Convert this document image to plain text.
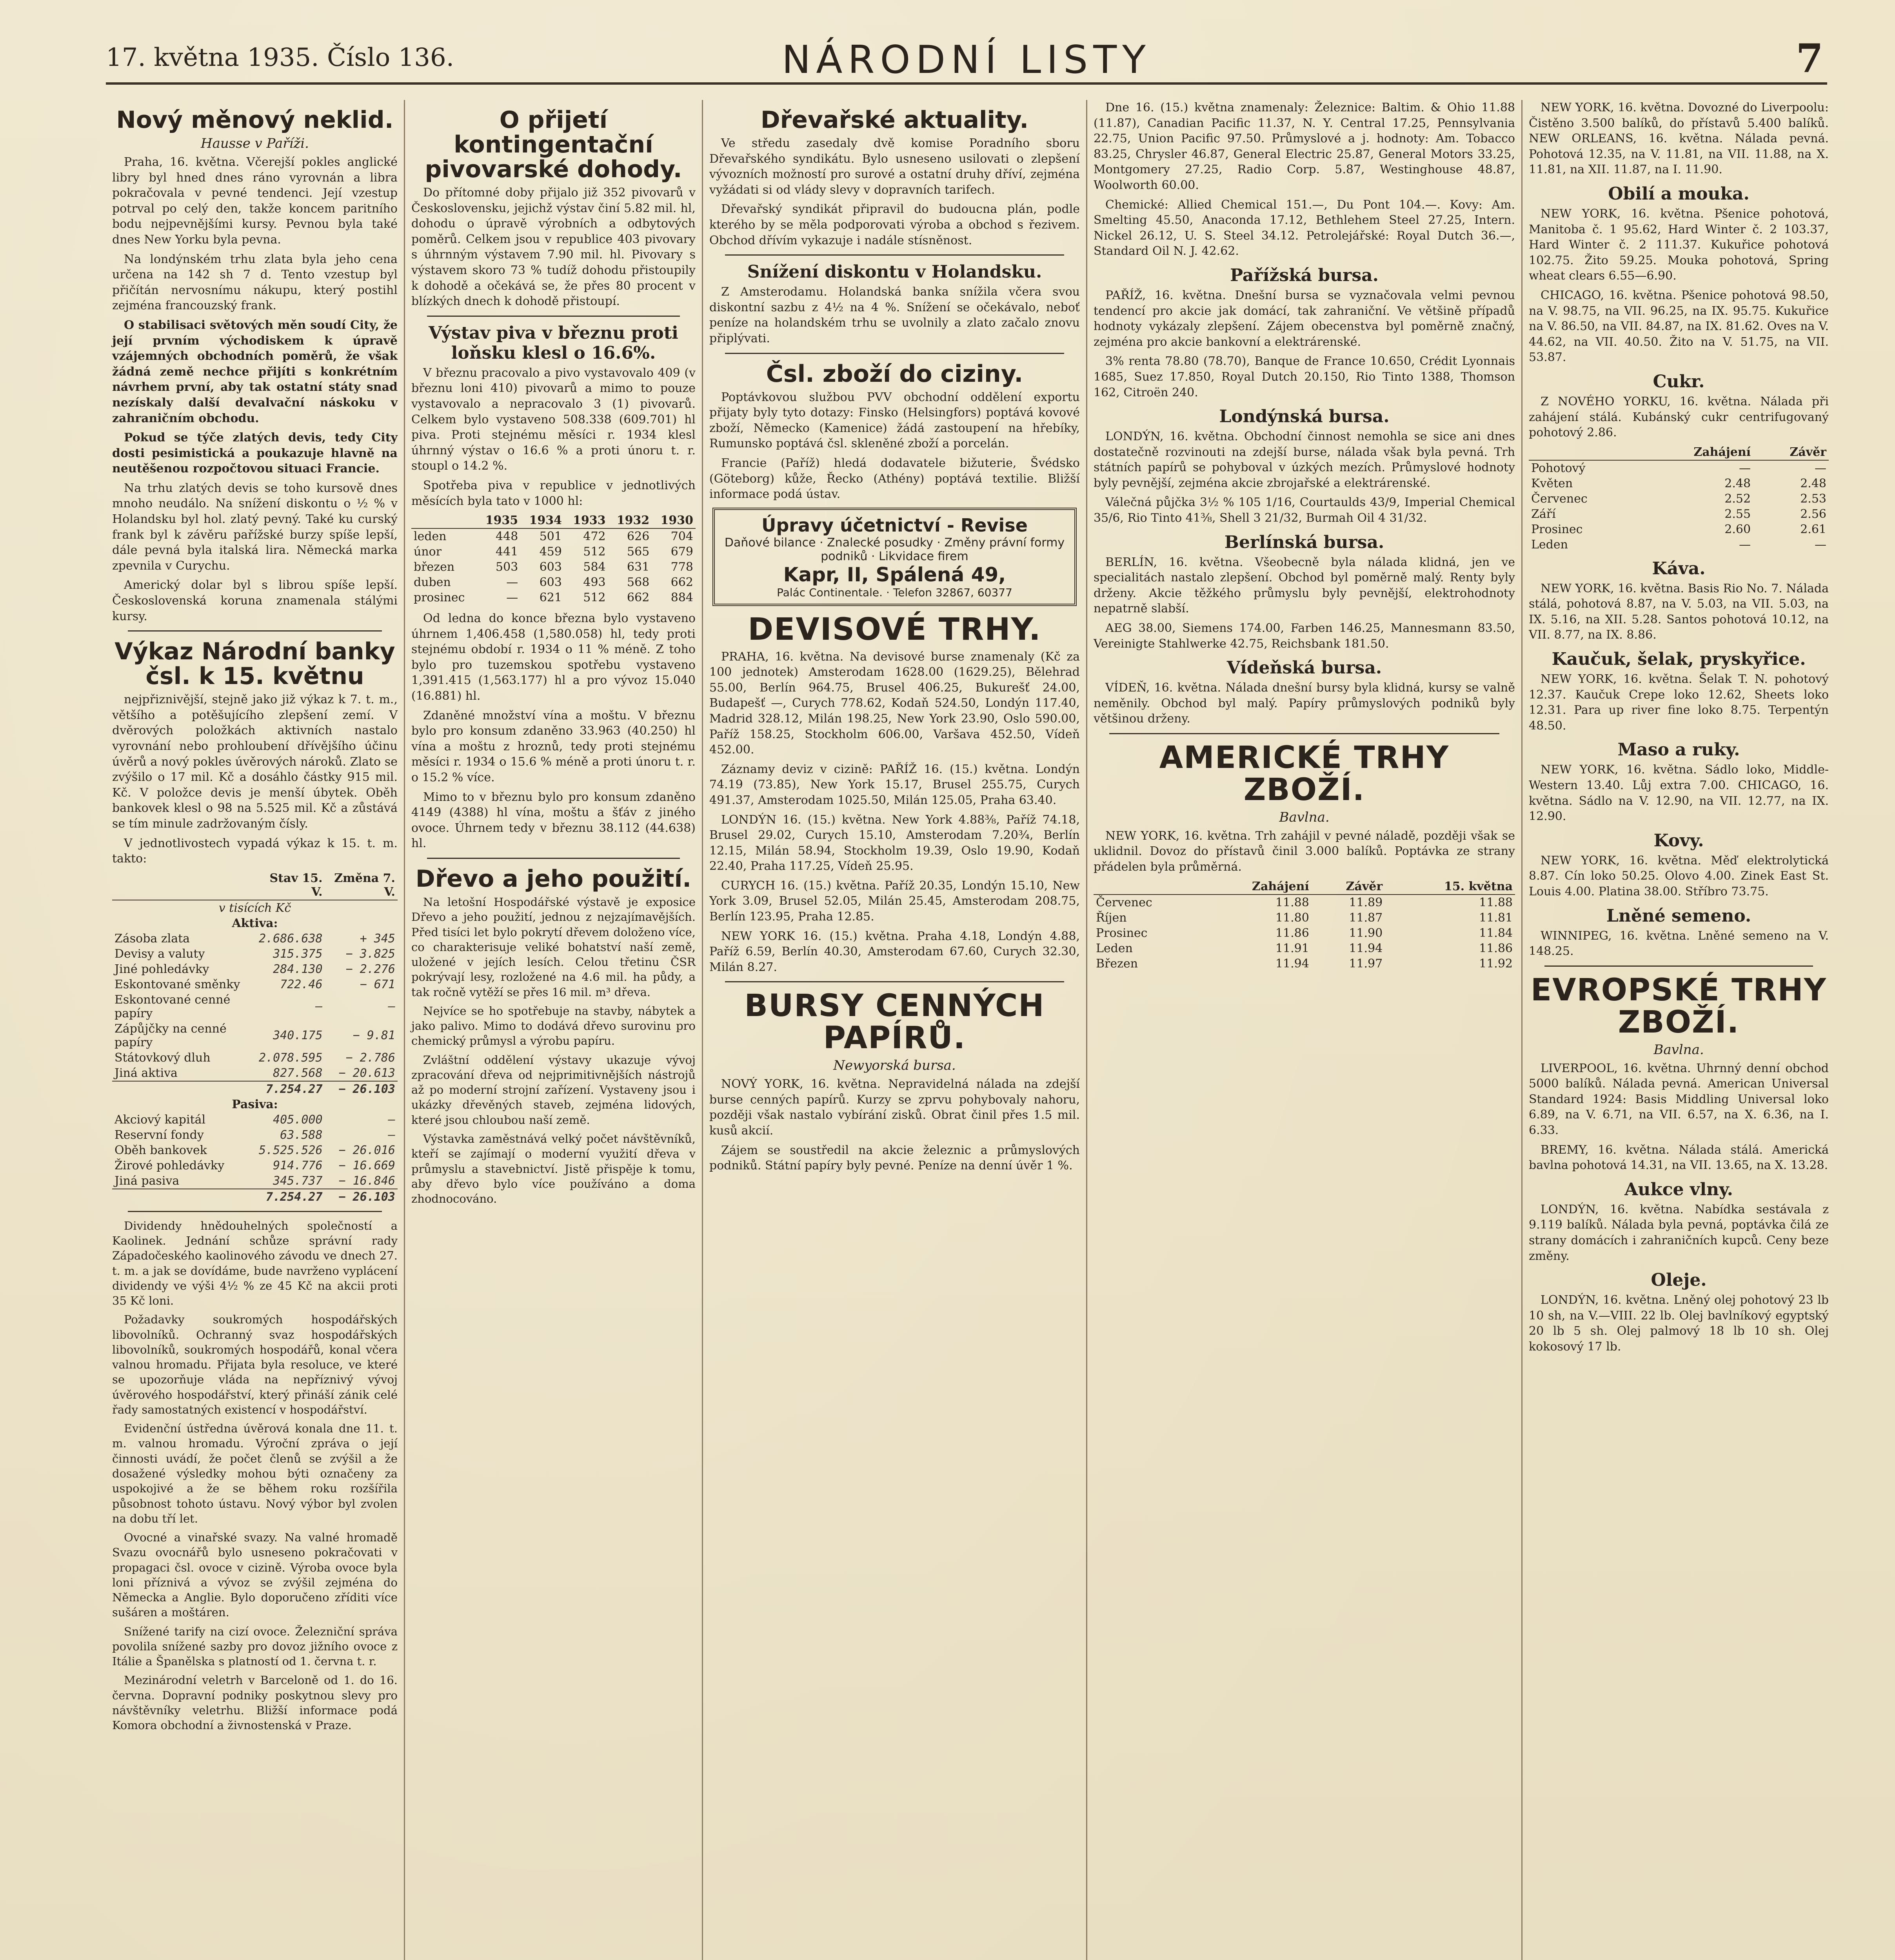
17. května 1935. Číslo 136.	NÁRODNÍ LISTY	7
Nový měnový neklid.
Hausse v Paříži.

Praha, 16. května. Včerejší pokles anglické libry byl hned dnes ráno vyrovnán a libra pokračovala v pevné tendenci. Její vzestup potrval po celý den, takže koncem paritního bodu nejpevnějšími kursy. Pevnou byla také dnes New Yorku byla pevna.

Na londýnském trhu zlata byla jeho cena určena na 142 sh 7 d. Tento vzestup byl přičítán nervosnímu nákupu, který postihl zejména francouzský frank.

O stabilisaci světových měn soudí City, že její prvním východiskem k úpravě vzájemných obchodních poměrů, že však žádná země nechce přijíti s konkrétním návrhem první, aby tak ostatní státy snad nezískaly další devalvační náskoku v zahraničním obchodu.

Pokud se týče zlatých devis, tedy City dosti pesimistická a poukazuje hlavně na neutěšenou rozpočtovou situaci Francie.

Na trhu zlatých devis se toho kursově dnes mnoho neudálo. Na snížení diskontu o ½ % v Holandsku byl hol. zlatý pevný. Také ku curský frank byl k závěru pařížské burzy spíše lepší, dále pevná byla italská lira. Německá marka zpevnila v Curychu.

Americký dolar byl s librou spíše lepší. Československá koruna znamenala stálými kursy.

Výkaz Národní banky čsl. k 15. květnu

nejpřiznivější, stejně jako již výkaz k 7. t. m., většího a potěšujícího zlepšení zemí. V dvěrových položkách aktivních nastalo vyrovnání nebo prohloubení dřívějšího účinu úvěrů a nový pokles úvěrových nároků. Zlato se zvýšilo o 17 mil. Kč a dosáhlo částky 915 mil. Kč. V položce devis je menší úbytek. Oběh bankovek klesl o 98 na 5.525 mil. Kč a zůstává se tím minule zadržovaným čísly.

V jednotlivostech vypadá výkaz k 15. t. m. takto:

	Stav 15. V.	Změna 7. V.
v tisících Kč		
Aktiva:		
Zásoba zlata	2.686.638	+ 345
Devisy a valuty	315.375	− 3.825
Jiné pohledávky	284.130	− 2.276
Eskontované směnky	722.46	− 671
Eskontované cenné papíry	—	—
Zápůjčky na cenné papíry	340.175	− 9.81
Státovkový dluh	2.078.595	− 2.786
Jiná aktiva	827.568	− 20.613
	7.254.27	− 26.103
Pasiva:		
Akciový kapitál	405.000	—
Reservní fondy	63.588	—
Oběh bankovek	5.525.526	− 26.016
Žirové pohledávky	914.776	− 16.669
Jiná pasiva	345.737	− 16.846
	7.254.27	− 26.103

Dividendy hnědouhelných společností a Kaolinek. Jednání schůze správní rady Západočeského kaolinového závodu ve dnech 27. t. m. a jak se dovídáme, bude navrženo vyplácení dividendy ve výši 4½ % ze 45 Kč na akcii proti 35 Kč loni.

Požadavky soukromých hospodářských libovolníků. Ochranný svaz hospodářských libovolníků, soukromých hospodářů, konal včera valnou hromadu. Přijata byla resoluce, ve které se upozorňuje vláda na nepříznivý vývoj úvěrového hospodářství, který přináší zánik celé řady samostatných existencí v hospodářství.

Evidenční ústředna úvěrová konala dne 11. t. m. valnou hromadu. Výroční zpráva o její činnosti uvádí, že počet členů se zvýšil a že dosažené výsledky mohou býti označeny za uspokojivé a že se během roku rozšířila působnost tohoto ústavu. Nový výbor byl zvolen na dobu tří let.

Ovocné a vinařské svazy. Na valné hromadě Svazu ovocnářů bylo usneseno pokračovati v propagaci čsl. ovoce v cizině. Výroba ovoce byla loni příznivá a vývoz se zvýšil zejména do Německa a Anglie. Bylo doporučeno zříditi více sušáren a moštáren.

Snížené tarify na cizí ovoce. Železniční správa povolila snížené sazby pro dovoz jižního ovoce z Itálie a Španělska s platností od 1. června t. r.

Mezinárodní veletrh v Barceloně od 1. do 16. června. Dopravní podniky poskytnou slevy pro návštěvníky veletrhu. Bližší informace podá Komora obchodní a živnostenská v Praze.

O přijetí kontingentační pivovarské dohody.

Do přítomné doby přijalo již 352 pivovarů v Československu, jejichž výstav činí 5.82 mil. hl, dohodu o úpravě výrobních a odbytových poměrů. Celkem jsou v republice 403 pivovary s úhrnným výstavem 7.90 mil. hl. Pivovary s výstavem skoro 73 % tudíž dohodu přistoupily k dohodě a očekává se, že přes 80 procent v blízkých dnech k dohodě přistoupí.

Výstav piva v březnu proti loňsku klesl o 16.6%.

V březnu pracovalo a pivo vystavovalo 409 (v březnu loni 410) pivovarů a mimo to pouze vystavovalo a nepracovalo 3 (1) pivovarů. Celkem bylo vystaveno 508.338 (609.701) hl piva. Proti stejnému měsíci r. 1934 klesl úhrnný výstav o 16.6 % a proti únoru t. r. stoupl o 14.2 %.

Spotřeba piva v republice v jednotlivých měsících byla tato v 1000 hl:

	1935	1934	1933	1932	1930
leden	448	501	472	626	704
únor	441	459	512	565	679
březen	503	603	584	631	778
duben	—	603	493	568	662
prosinec	—	621	512	662	884

Od ledna do konce března bylo vystaveno úhrnem 1,406.458 (1,580.058) hl, tedy proti stejnému období r. 1934 o 11 % méně. Z toho bylo pro tuzemskou spotřebu vystaveno 1,391.415 (1,563.177) hl a pro vývoz 15.040 (16.881) hl.

Zdaněné množství vína a moštu. V březnu bylo pro konsum zdaněno 33.963 (40.250) hl vína a moštu z hroznů, tedy proti stejnému měsíci r. 1934 o 15.6 % méně a proti únoru t. r. o 15.2 % více.

Mimo to v březnu bylo pro konsum zdaněno 4149 (4388) hl vína, moštu a šťáv z jiného ovoce. Úhrnem tedy v březnu 38.112 (44.638) hl.

Dřevo a jeho použití.

Na letošní Hospodářské výstavě je exposice Dřevo a jeho použití, jednou z nejzajímavějších. Před tisíci let bylo pokrytí dřevem doloženo více, co charakterisuje veliké bohatství naší země, uložené v jejích lesích. Celou třetinu ČSR pokrývají lesy, rozložené na 4.6 mil. ha půdy, a tak ročně vytěží se přes 16 mil. m³ dřeva.

Nejvíce se ho spotřebuje na stavby, nábytek a jako palivo. Mimo to dodává dřevo surovinu pro chemický průmysl a výrobu papíru.

Zvláštní oddělení výstavy ukazuje vývoj zpracování dřeva od nejprimitivnějších nástrojů až po moderní strojní zařízení. Vystaveny jsou i ukázky dřevěných staveb, zejména lidových, které jsou chloubou naší země.

Výstavka zaměstnává velký počet návštěvníků, kteří se zajímají o moderní využití dřeva v průmyslu a stavebnictví. Jistě přispěje k tomu, aby dřevo bylo více používáno a doma zhodnocováno.

Dřevařské aktuality.

Ve středu zasedaly dvě komise Poradního sboru Dřevařského syndikátu. Bylo usneseno usilovati o zlepšení vývozních možností pro surové a ostatní druhy dříví, zejména vyžádati si od vlády slevy v dopravních tarifech.

Dřevařský syndikát připravil do budoucna plán, podle kterého by se měla podporovati výroba a obchod s řezivem. Obchod dřívím vykazuje i nadále stísněnost.

Snížení diskontu v Holandsku.

Z Amsterodamu. Holandská banka snížila včera svou diskontní sazbu z 4½ na 4 %. Snížení se očekávalo, neboť peníze na holandském trhu se uvolnily a zlato začalo znovu připlývati.

Čsl. zboží do ciziny.

Poptávkovou službou PVV obchodní oddělení exportu přijaty byly tyto dotazy: Finsko (Helsingfors) poptává kovové zboží, Německo (Kamenice) žádá zastoupení na hřebíky, Rumunsko poptává čsl. skleněné zboží a porcelán.

Francie (Paříž) hledá dodavatele bižuterie, Švédsko (Göteborg) kůže, Řecko (Athény) poptává textilie. Bližší informace podá ústav.

Úpravy účetnictví - Revise
Daňové bilance · Znalecké posudky · Změny právní formy podniků · Likvidace firem
Kapr, II, Spálená 49,
Palác Continentale. · Telefon 32867, 60377
DEVISOVÉ TRHY.

PRAHA, 16. května. Na devisové burse znamenaly (Kč za 100 jednotek) Amsterodam 1628.00 (1629.25), Bělehrad 55.00, Berlín 964.75, Brusel 406.25, Bukurešť 24.00, Budapešť —, Curych 778.62, Kodaň 524.50, Londýn 117.40, Madrid 328.12, Milán 198.25, New York 23.90, Oslo 590.00, Paříž 158.25, Stockholm 606.00, Varšava 452.50, Vídeň 452.00.

Záznamy deviz v cizině: PAŘÍŽ 16. (15.) května. Londýn 74.19 (73.85), New York 15.17, Brusel 255.75, Curych 491.37, Amsterodam 1025.50, Milán 125.05, Praha 63.40.

LONDÝN 16. (15.) května. New York 4.88⅜, Paříž 74.18, Brusel 29.02, Curych 15.10, Amsterodam 7.20¾, Berlín 12.15, Milán 58.94, Stockholm 19.39, Oslo 19.90, Kodaň 22.40, Praha 117.25, Vídeň 25.95.

CURYCH 16. (15.) května. Paříž 20.35, Londýn 15.10, New York 3.09, Brusel 52.05, Milán 25.45, Amsterodam 208.75, Berlín 123.95, Praha 12.85.

NEW YORK 16. (15.) května. Praha 4.18, Londýn 4.88, Paříž 6.59, Berlín 40.30, Amsterodam 67.60, Curych 32.30, Milán 8.27.

BURSY CENNÝCH PAPÍRŮ.
Newyorská bursa.

NOVÝ YORK, 16. května. Nepravidelná nálada na zdejší burse cenných papírů. Kurzy se zprvu pohybovaly nahoru, později však nastalo vybírání zisků. Obrat činil přes 1.5 mil. kusů akcií.

Zájem se soustředil na akcie železnic a průmyslových podniků. Státní papíry byly pevné. Peníze na denní úvěr 1 %.

Dne 16. (15.) května znamenaly: Železnice: Baltim. & Ohio 11.88 (11.87), Canadian Pacific 11.37, N. Y. Central 17.25, Pennsylvania 22.75, Union Pacific 97.50. Průmyslové a j. hodnoty: Am. Tobacco 83.25, Chrysler 46.87, General Electric 25.87, General Motors 33.25, Montgomery 27.25, Radio Corp. 5.87, Westinghouse 48.87, Woolworth 60.00.

Chemické: Allied Chemical 151.—, Du Pont 104.—. Kovy: Am. Smelting 45.50, Anaconda 17.12, Bethlehem Steel 27.25, Intern. Nickel 26.12, U. S. Steel 34.12. Petrolejářské: Royal Dutch 36.—, Standard Oil N. J. 42.62.

Pařížská bursa.

PAŘÍŽ, 16. května. Dnešní bursa se vyznačovala velmi pevnou tendencí pro akcie jak domácí, tak zahraniční. Ve většině případů hodnoty vykázaly zlepšení. Zájem obecenstva byl poměrně značný, zejména pro akcie bankovní a elektrárenské.

3% renta 78.80 (78.70), Banque de France 10.650, Crédit Lyonnais 1685, Suez 17.850, Royal Dutch 20.150, Rio Tinto 1388, Thomson 162, Citroën 240.

Londýnská bursa.

LONDÝN, 16. května. Obchodní činnost nemohla se sice ani dnes dostatečně rozvinouti na zdejší burse, nálada však byla pevná. Trh státních papírů se pohyboval v úzkých mezích. Průmyslové hodnoty byly pevnější, zejména akcie zbrojařské a elektrárenské.

Válečná půjčka 3½ % 105 1/16, Courtaulds 43/9, Imperial Chemical 35/6, Rio Tinto 41⅜, Shell 3 21/32, Burmah Oil 4 31/32.

Berlínská bursa.

BERLÍN, 16. května. Všeobecně byla nálada klidná, jen ve specialitách nastalo zlepšení. Obchod byl poměrně malý. Renty byly drženy. Akcie těžkého průmyslu byly pevnější, elektrohodnoty nepatrně slabší.

AEG 38.00, Siemens 174.00, Farben 146.25, Mannesmann 83.50, Vereinigte Stahlwerke 42.75, Reichsbank 181.50.

Vídeňská bursa.

VÍDEŇ, 16. května. Nálada dnešní bursy byla klidná, kursy se valně neměnily. Obchod byl malý. Papíry průmyslových podniků byly většinou drženy.

AMERICKÉ TRHY ZBOŽÍ.
Bavlna.

NEW YORK, 16. května. Trh zahájil v pevné náladě, později však se uklidnil. Dovoz do přístavů činil 3.000 balíků. Poptávka ze strany přádelen byla průměrná.

	Zahájení	Závěr	15. května
Červenec	11.88	11.89	11.88
Říjen	11.80	11.87	11.81
Prosinec	11.86	11.90	11.84
Leden	11.91	11.94	11.86
Březen	11.94	11.97	11.92

NEW YORK, 16. května. Dovozné do Liverpoolu: Čistěno 3.500 balíků, do přístavů 5.400 balíků. NEW ORLEANS, 16. května. Nálada pevná. Pohotová 12.35, na V. 11.81, na VII. 11.88, na X. 11.81, na XII. 11.87, na I. 11.90.

Obilí a mouka.

NEW YORK, 16. května. Pšenice pohotová, Manitoba č. 1 95.62, Hard Winter č. 2 103.37, Hard Winter č. 2 111.37. Kukuřice pohotová 102.75. Žito 59.25. Mouka pohotová, Spring wheat clears 6.55—6.90.

CHICAGO, 16. května. Pšenice pohotová 98.50, na V. 98.75, na VII. 96.25, na IX. 95.75. Kukuřice na V. 86.50, na VII. 84.87, na IX. 81.62. Oves na V. 44.62, na VII. 40.50. Žito na V. 51.75, na VII. 53.87.

Cukr.

Z NOVÉHO YORKU, 16. května. Nálada při zahájení stálá. Kubánský cukr centrifugovaný pohotový 2.86.

	Zahájení	Závěr
Pohotový	—	—
Květen	2.48	2.48
Červenec	2.52	2.53
Září	2.55	2.56
Prosinec	2.60	2.61
Leden	—	—
Káva.

NEW YORK, 16. května. Basis Rio No. 7. Nálada stálá, pohotová 8.87, na V. 5.03, na VII. 5.03, na IX. 5.16, na XII. 5.28. Santos pohotová 10.12, na VII. 8.77, na IX. 8.86.

Kaučuk, šelak, pryskyřice.

NEW YORK, 16. května. Šelak T. N. pohotový 12.37. Kaučuk Crepe loko 12.62, Sheets loko 12.31. Para up river fine loko 8.75. Terpentýn 48.50.

Maso a ruky.

NEW YORK, 16. května. Sádlo loko, Middle-Western 13.40. Lůj extra 7.00. CHICAGO, 16. května. Sádlo na V. 12.90, na VII. 12.77, na IX. 12.90.

Kovy.

NEW YORK, 16. května. Měď elektrolytická 8.87. Cín loko 50.25. Olovo 4.00. Zinek East St. Louis 4.00. Platina 38.00. Stříbro 73.75.

Lněné semeno.

WINNIPEG, 16. května. Lněné semeno na V. 148.25.

EVROPSKÉ TRHY ZBOŽÍ.
Bavlna.

LIVERPOOL, 16. května. Uhrnný denní obchod 5000 balíků. Nálada pevná. American Universal Standard 1924: Basis Middling Universal loko 6.89, na V. 6.71, na VII. 6.57, na X. 6.36, na I. 6.33.

BREMY, 16. května. Nálada stálá. Americká bavlna pohotová 14.31, na VII. 13.65, na X. 13.28.

Aukce vlny.

LONDÝN, 16. května. Nabídka sestávala z 9.119 balíků. Nálada byla pevná, poptávka čilá ze strany domácích i zahraničních kupců. Ceny beze změny.

Oleje.

LONDÝN, 16. května. Lněný olej pohotový 23 lb 10 sh, na V.—VIII. 22 lb. Olej bavlníkový egyptský 20 lb 5 sh. Olej palmový 18 lb 10 sh. Olej kokosový 17 lb.
